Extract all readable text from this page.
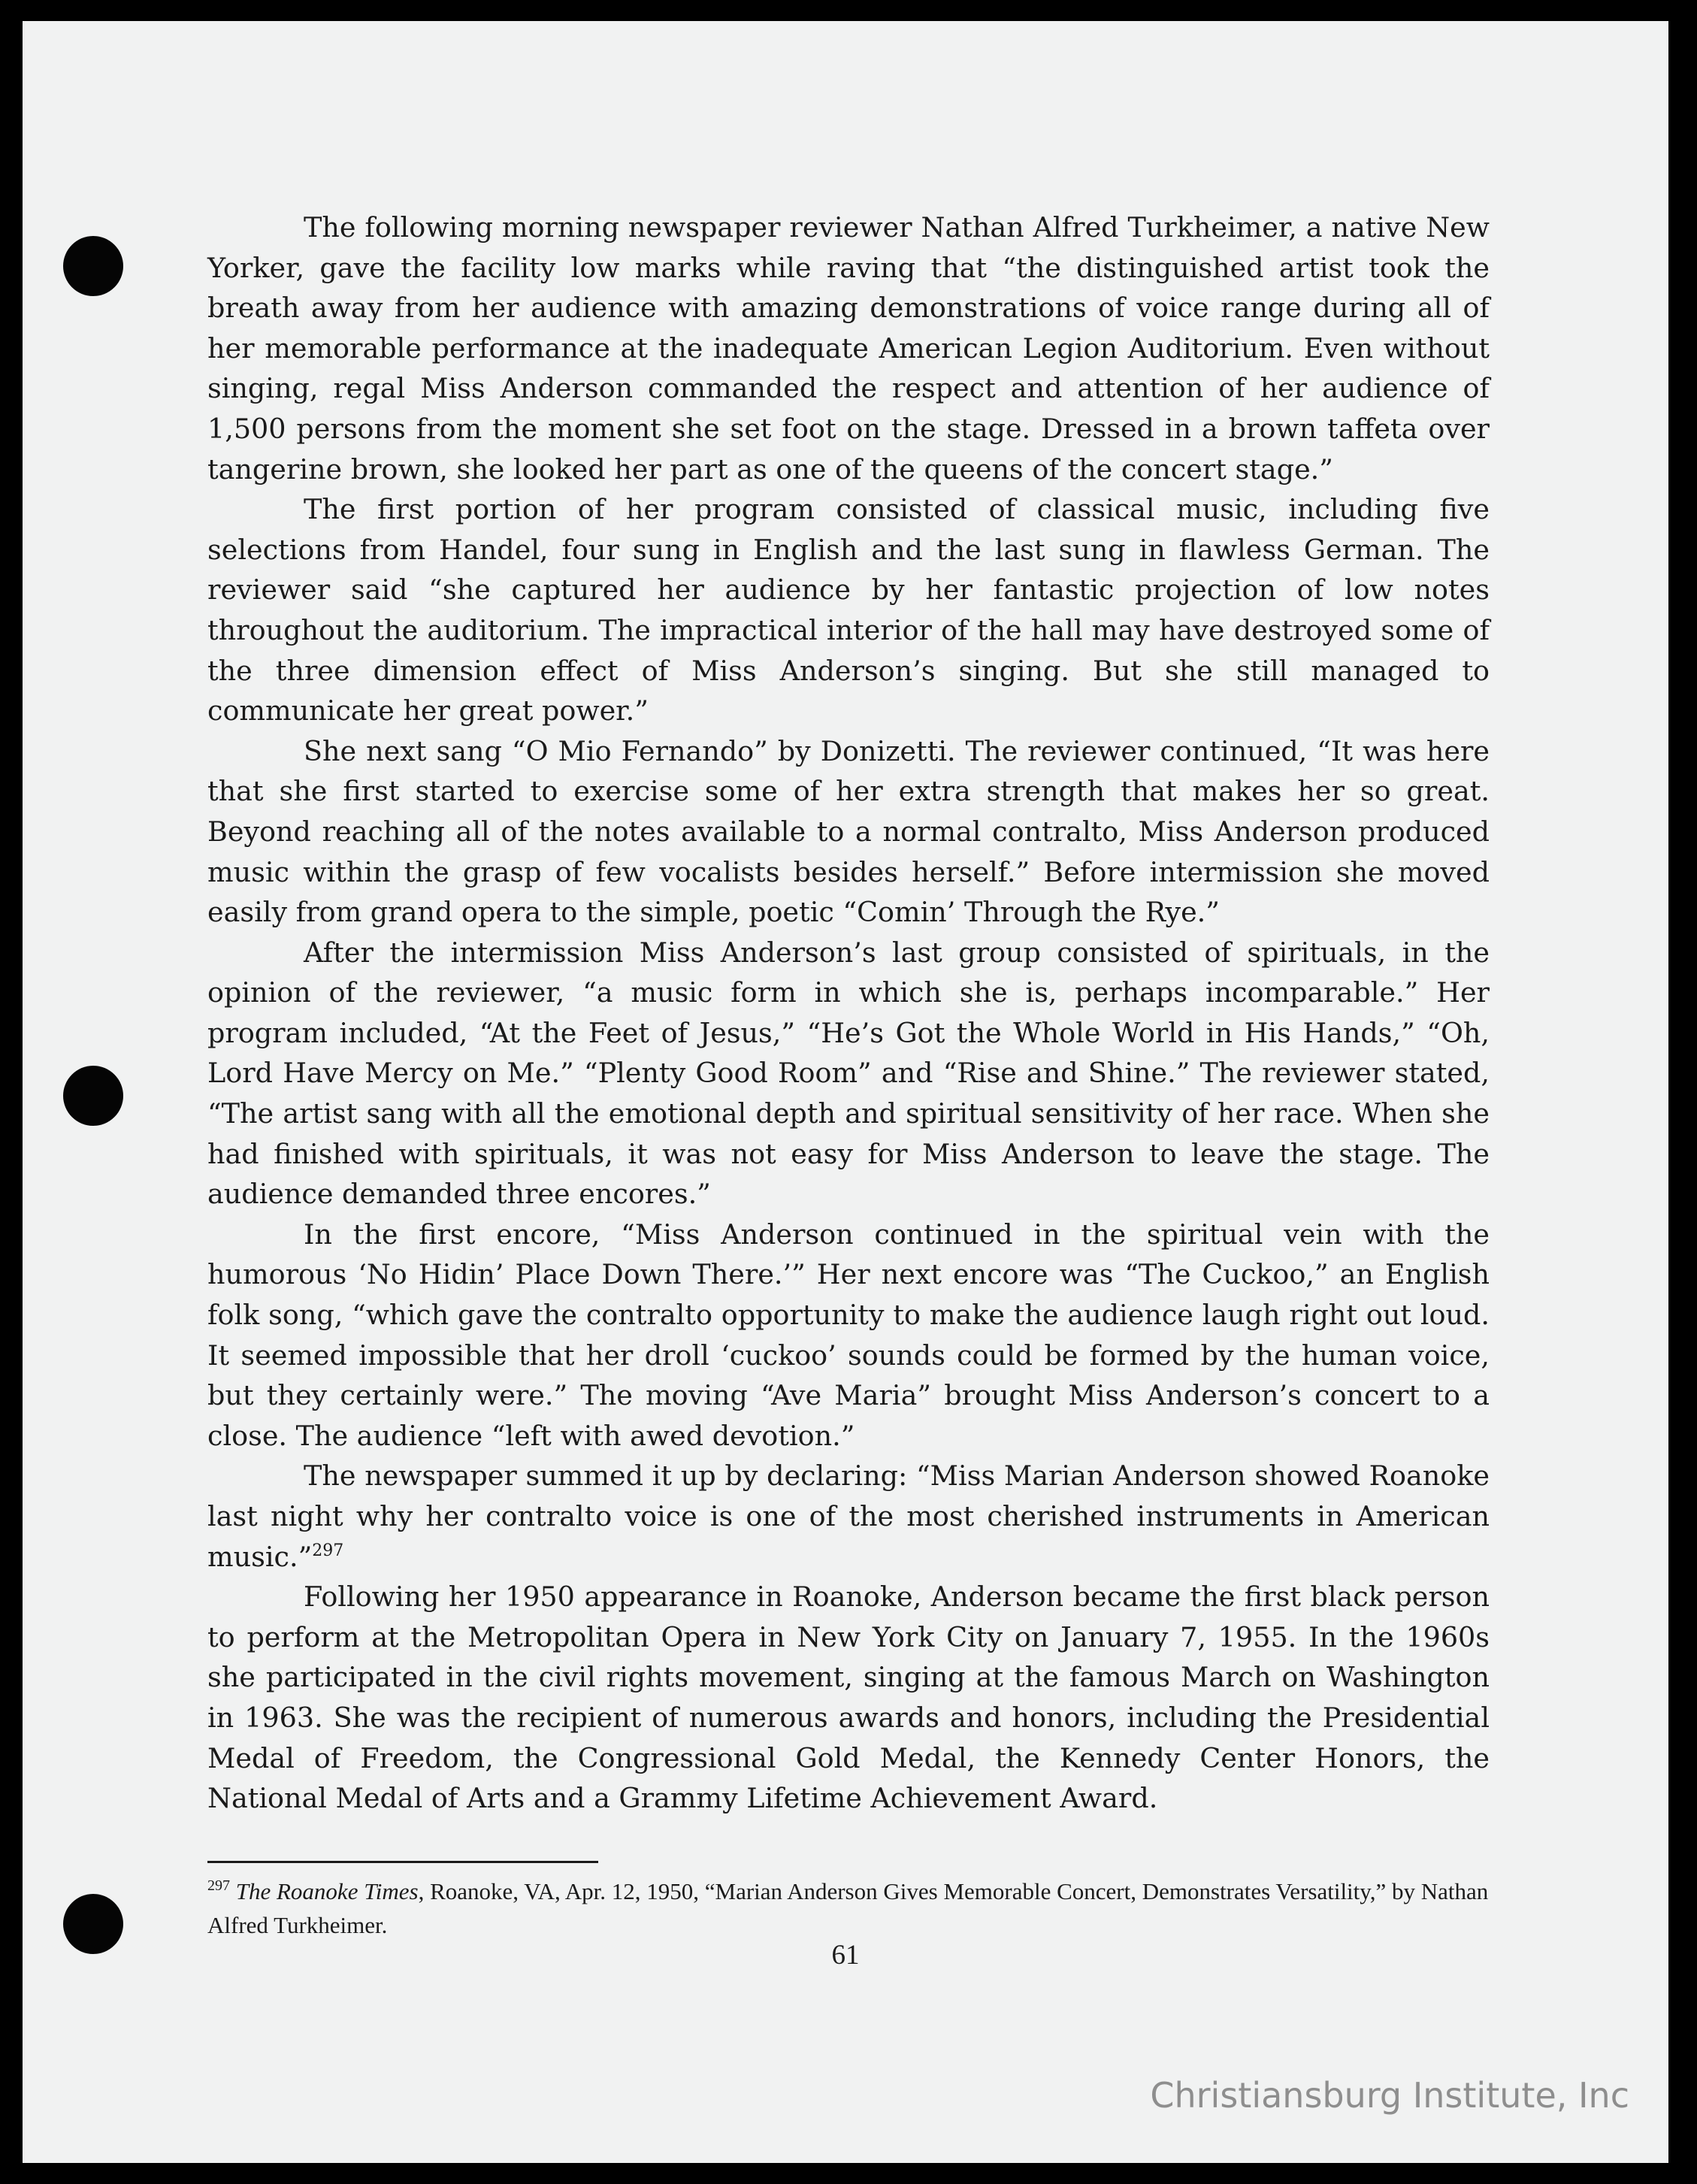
The following morning newspaper reviewer Nathan Alfred Turkheimer, a native New Yorker, gave the facility low marks while raving that “the distinguished artist took the breath away from her audience with amazing demonstrations of voice range during all of her memorable performance at the inadequate American Legion Auditorium. Even without singing, regal Miss Anderson commanded the respect and attention of her audience of 1,500 persons from the moment she set foot on the stage. Dressed in a brown taffeta over tangerine brown, she looked her part as one of the queens of the concert stage.”

The first portion of her program consisted of classical music, including five selections from Handel, four sung in English and the last sung in flawless German. The reviewer said “she captured her audience by her fantastic projection of low notes throughout the auditorium. The impractical interior of the hall may have destroyed some of the three dimension effect of Miss Anderson’s singing. But she still managed to communicate her great power.”

She next sang “O Mio Fernando” by Donizetti. The reviewer continued, “It was here that she first started to exercise some of her extra strength that makes her so great. Beyond reaching all of the notes available to a normal contralto, Miss Anderson produced music within the grasp of few vocalists besides herself.” Before intermission she moved easily from grand opera to the simple, poetic “Comin’ Through the Rye.”

After the intermission Miss Anderson’s last group consisted of spirituals, in the opinion of the reviewer, “a music form in which she is, perhaps incomparable.” Her program included, “At the Feet of Jesus,” “He’s Got the Whole World in His Hands,” “Oh, Lord Have Mercy on Me.” “Plenty Good Room” and “Rise and Shine.” The reviewer stated, “The artist sang with all the emotional depth and spiritual sensitivity of her race. When she had finished with spirituals, it was not easy for Miss Anderson to leave the stage. The audience demanded three encores.”

In the first encore, “Miss Anderson continued in the spiritual vein with the humorous ‘No Hidin’ Place Down There.’” Her next encore was “The Cuckoo,” an English folk song, “which gave the contralto opportunity to make the audience laugh right out loud. It seemed impossible that her droll ‘cuckoo’ sounds could be formed by the human voice, but they certainly were.” The moving “Ave Maria” brought Miss Anderson’s concert to a close. The audience “left with awed devotion.”

The newspaper summed it up by declaring: “Miss Marian Anderson showed Roanoke last night why her contralto voice is one of the most cherished instruments in American music.”$^{297}$

Following her 1950 appearance in Roanoke, Anderson became the first black person to perform at the Metropolitan Opera in New York City on January 7, 1955. In the 1960s she participated in the civil rights movement, singing at the famous March on Washington in 1963. She was the recipient of numerous awards and honors, including the Presidential Medal of Freedom, the Congressional Gold Medal, the Kennedy Center Honors, the National Medal of Arts and a Grammy Lifetime Achievement Award.

$^{297}$ The Roanoke Times, Roanoke, VA, Apr. 12, 1950, “Marian Anderson Gives Memorable Concert, Demonstrates Versatility,” by Nathan Alfred Turkheimer.
61
Christiansburg Institute, Inc
